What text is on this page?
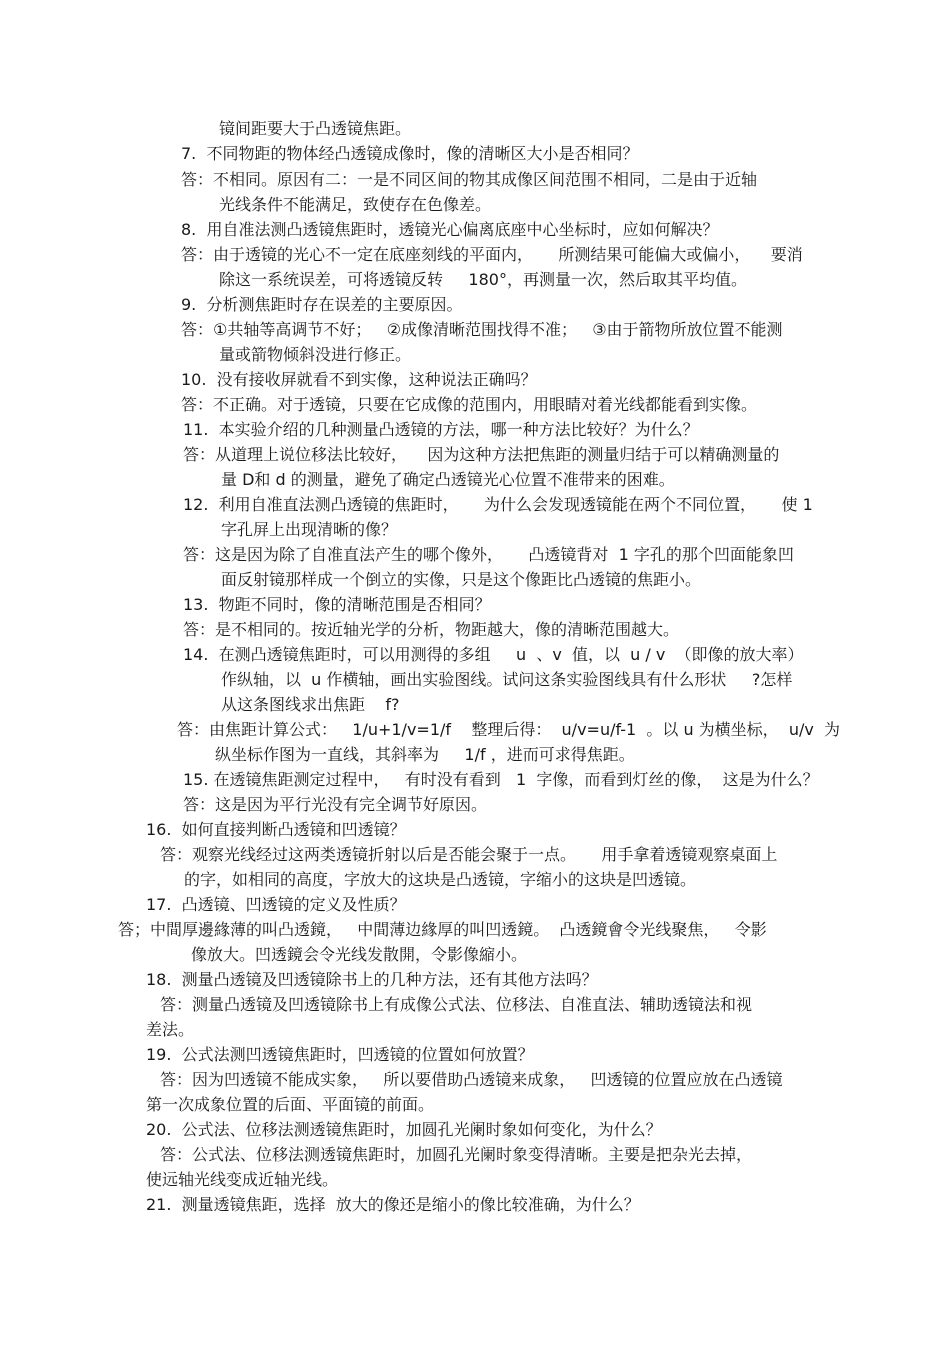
镜间距要大于凸透镜焦距。
7.  不同物距的物体经凸透镜成像时，像的清晰区大小是否相同？
答：不相同。原因有二：一是不同区间的物其成像区间范围不相同，二是由于近轴
光线条件不能满足，致使存在色像差。
8.  用自准法测凸透镜焦距时，透镜光心偏离底座中心坐标时，应如何解决？
答：由于透镜的光心不一定在底座刻线的平面内，     所测结果可能偏大或偏小，    要消
除这一系统误差，可将透镜反转     180°，再测量一次，然后取其平均值。
9.  分析测焦距时存在误差的主要原因。
答：①共轴等高调节不好；   ②成像清晰范围找得不准；   ③由于箭物所放位置不能测
量或箭物倾斜没进行修正。
10.  没有接收屏就看不到实像，这种说法正确吗？
答：不正确。对于透镜，只要在它成像的范围内，用眼睛对着光线都能看到实像。
11.  本实验介绍的几种测量凸透镜的方法，哪一种方法比较好？为什么？
答：从道理上说位移法比较好，    因为这种方法把焦距的测量归结于可以精确测量的
量 D和 d 的测量，避免了确定凸透镜光心位置不准带来的困难。
12.  利用自准直法测凸透镜的焦距时，     为什么会发现透镜能在两个不同位置，     使 1
字孔屏上出现清晰的像？
答：这是因为除了自准直法产生的哪个像外，     凸透镜背对  1 字孔的那个凹面能象凹
面反射镜那样成一个倒立的实像，只是这个像距比凸透镜的焦距小。
13.  物距不同时，像的清晰范围是否相同？
答：是不相同的。按近轴光学的分析，物距越大，像的清晰范围越大。
14.  在测凸透镜焦距时，可以用测得的多组     u  、v  值，以  u / v  （即像的放大率）
作纵轴，以  u 作横轴，画出实验图线。试问这条实验图线具有什么形状     ?怎样
从这条图线求出焦距    f?
答：由焦距计算公式：   1/u+1/v=1/f    整理后得：  u/v=u/f-1  。以 u 为横坐标，  u/v  为
纵坐标作图为一直线，其斜率为     1/f ，进而可求得焦距。
15. 在透镜焦距测定过程中，   有时没有看到   1  字像，而看到灯丝的像，  这是为什么？
答：这是因为平行光没有完全调节好原因。
16.  如何直接判断凸透镜和凹透镜？
答：观察光线经过这两类透镜折射以后是否能会聚于一点。     用手拿着透镜观察桌面上
的字，如相同的高度，字放大的这块是凸透镜，字缩小的这块是凹透镜。
17.  凸透镜、凹透镜的定义及性质？
答；中間厚邊緣薄的叫凸透鏡，   中間薄边緣厚的叫凹透鏡。  凸透鏡會令光线聚焦，   令影
像放大。凹透鏡会令光线发散開，令影像縮小。
18.  测量凸透镜及凹透镜除书上的几种方法，还有其他方法吗？
答：测量凸透镜及凹透镜除书上有成像公式法、位移法、自准直法、辅助透镜法和视
差法。
19.  公式法测凹透镜焦距时，凹透镜的位置如何放置？
答：因为凹透镜不能成实象，   所以要借助凸透镜来成象，   凹透镜的位置应放在凸透镜
第一次成象位置的后面、平面镜的前面。
20.  公式法、位移法测透镜焦距时，加圆孔光阑时象如何变化，为什么？
答：公式法、位移法测透镜焦距时，加圆孔光阑时象变得清晰。主要是把杂光去掉，
使远轴光线变成近轴光线。
21.  测量透镜焦距，选择  放大的像还是缩小的像比较准确，为什么？
